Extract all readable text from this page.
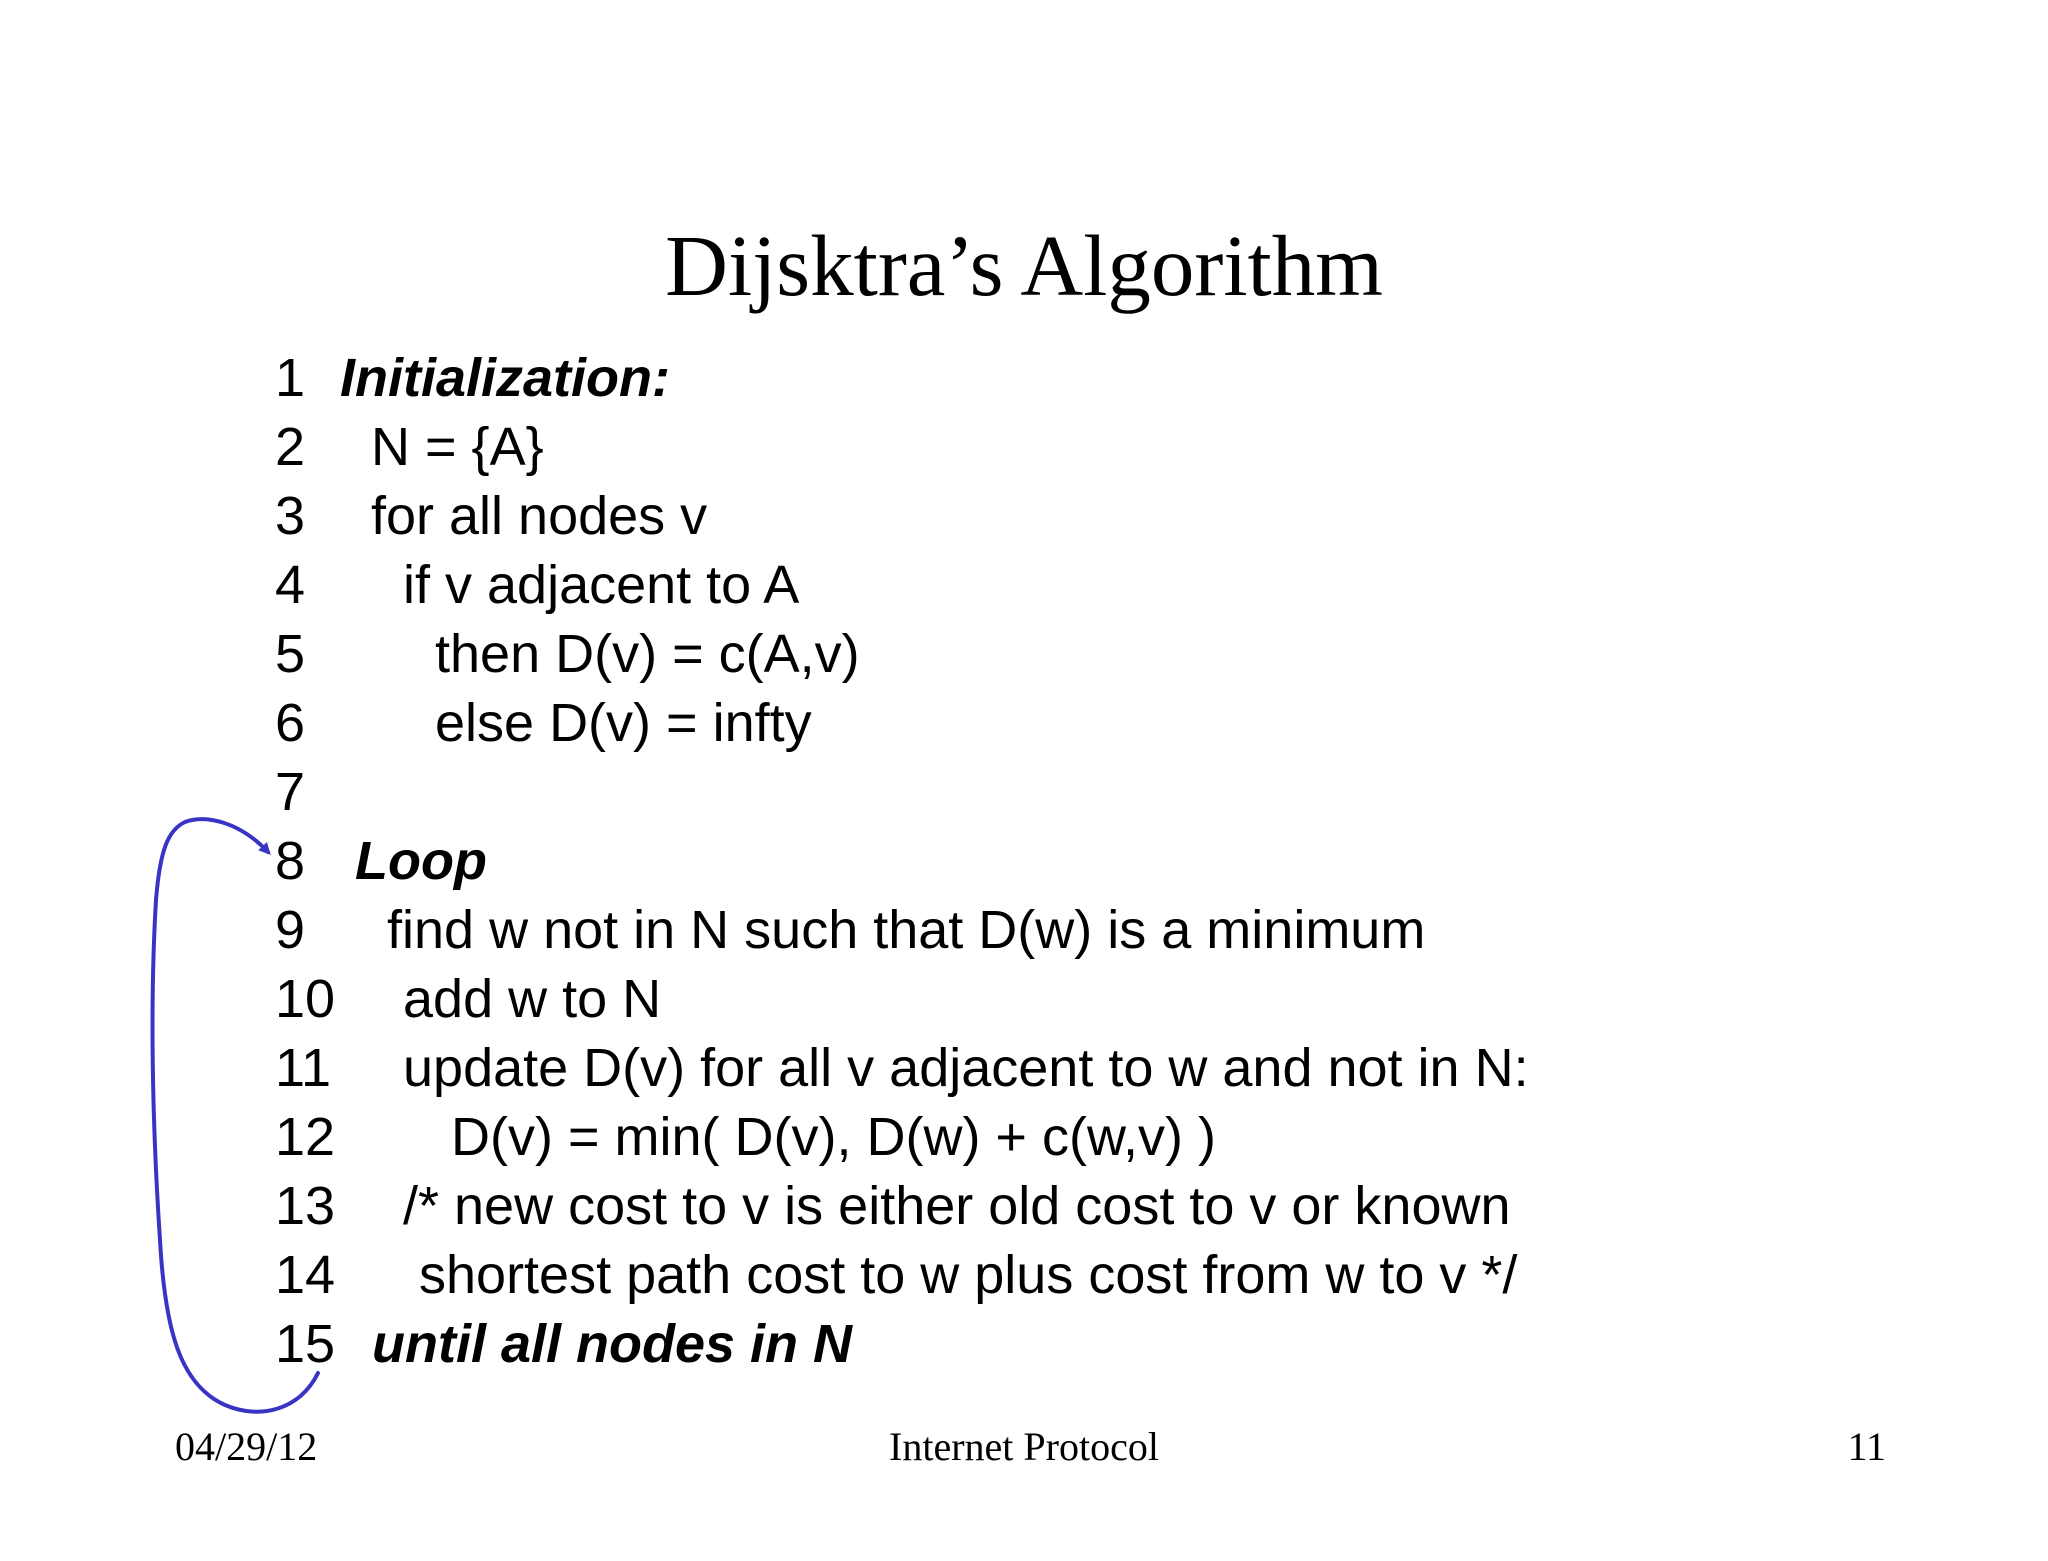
Dijsktra’s Algorithm

1

Initialization:

2

N = {A}

3

for all nodes v

4

if v adjacent to A

5

then D(v) = c(A,v)

6

else D(v) = infty

7

8

Loop

9

find w not in N such that D(w) is a minimum

10

add w to N

11

update D(v) for all v adjacent to w and not in N:

12

D(v) = min( D(v), D(w) + c(w,v) )

13

/* new cost to v is either old cost to v or known

14

shortest path cost to w plus cost from w to v */

15

until all nodes in N

04/29/12	Internet Protocol	11
